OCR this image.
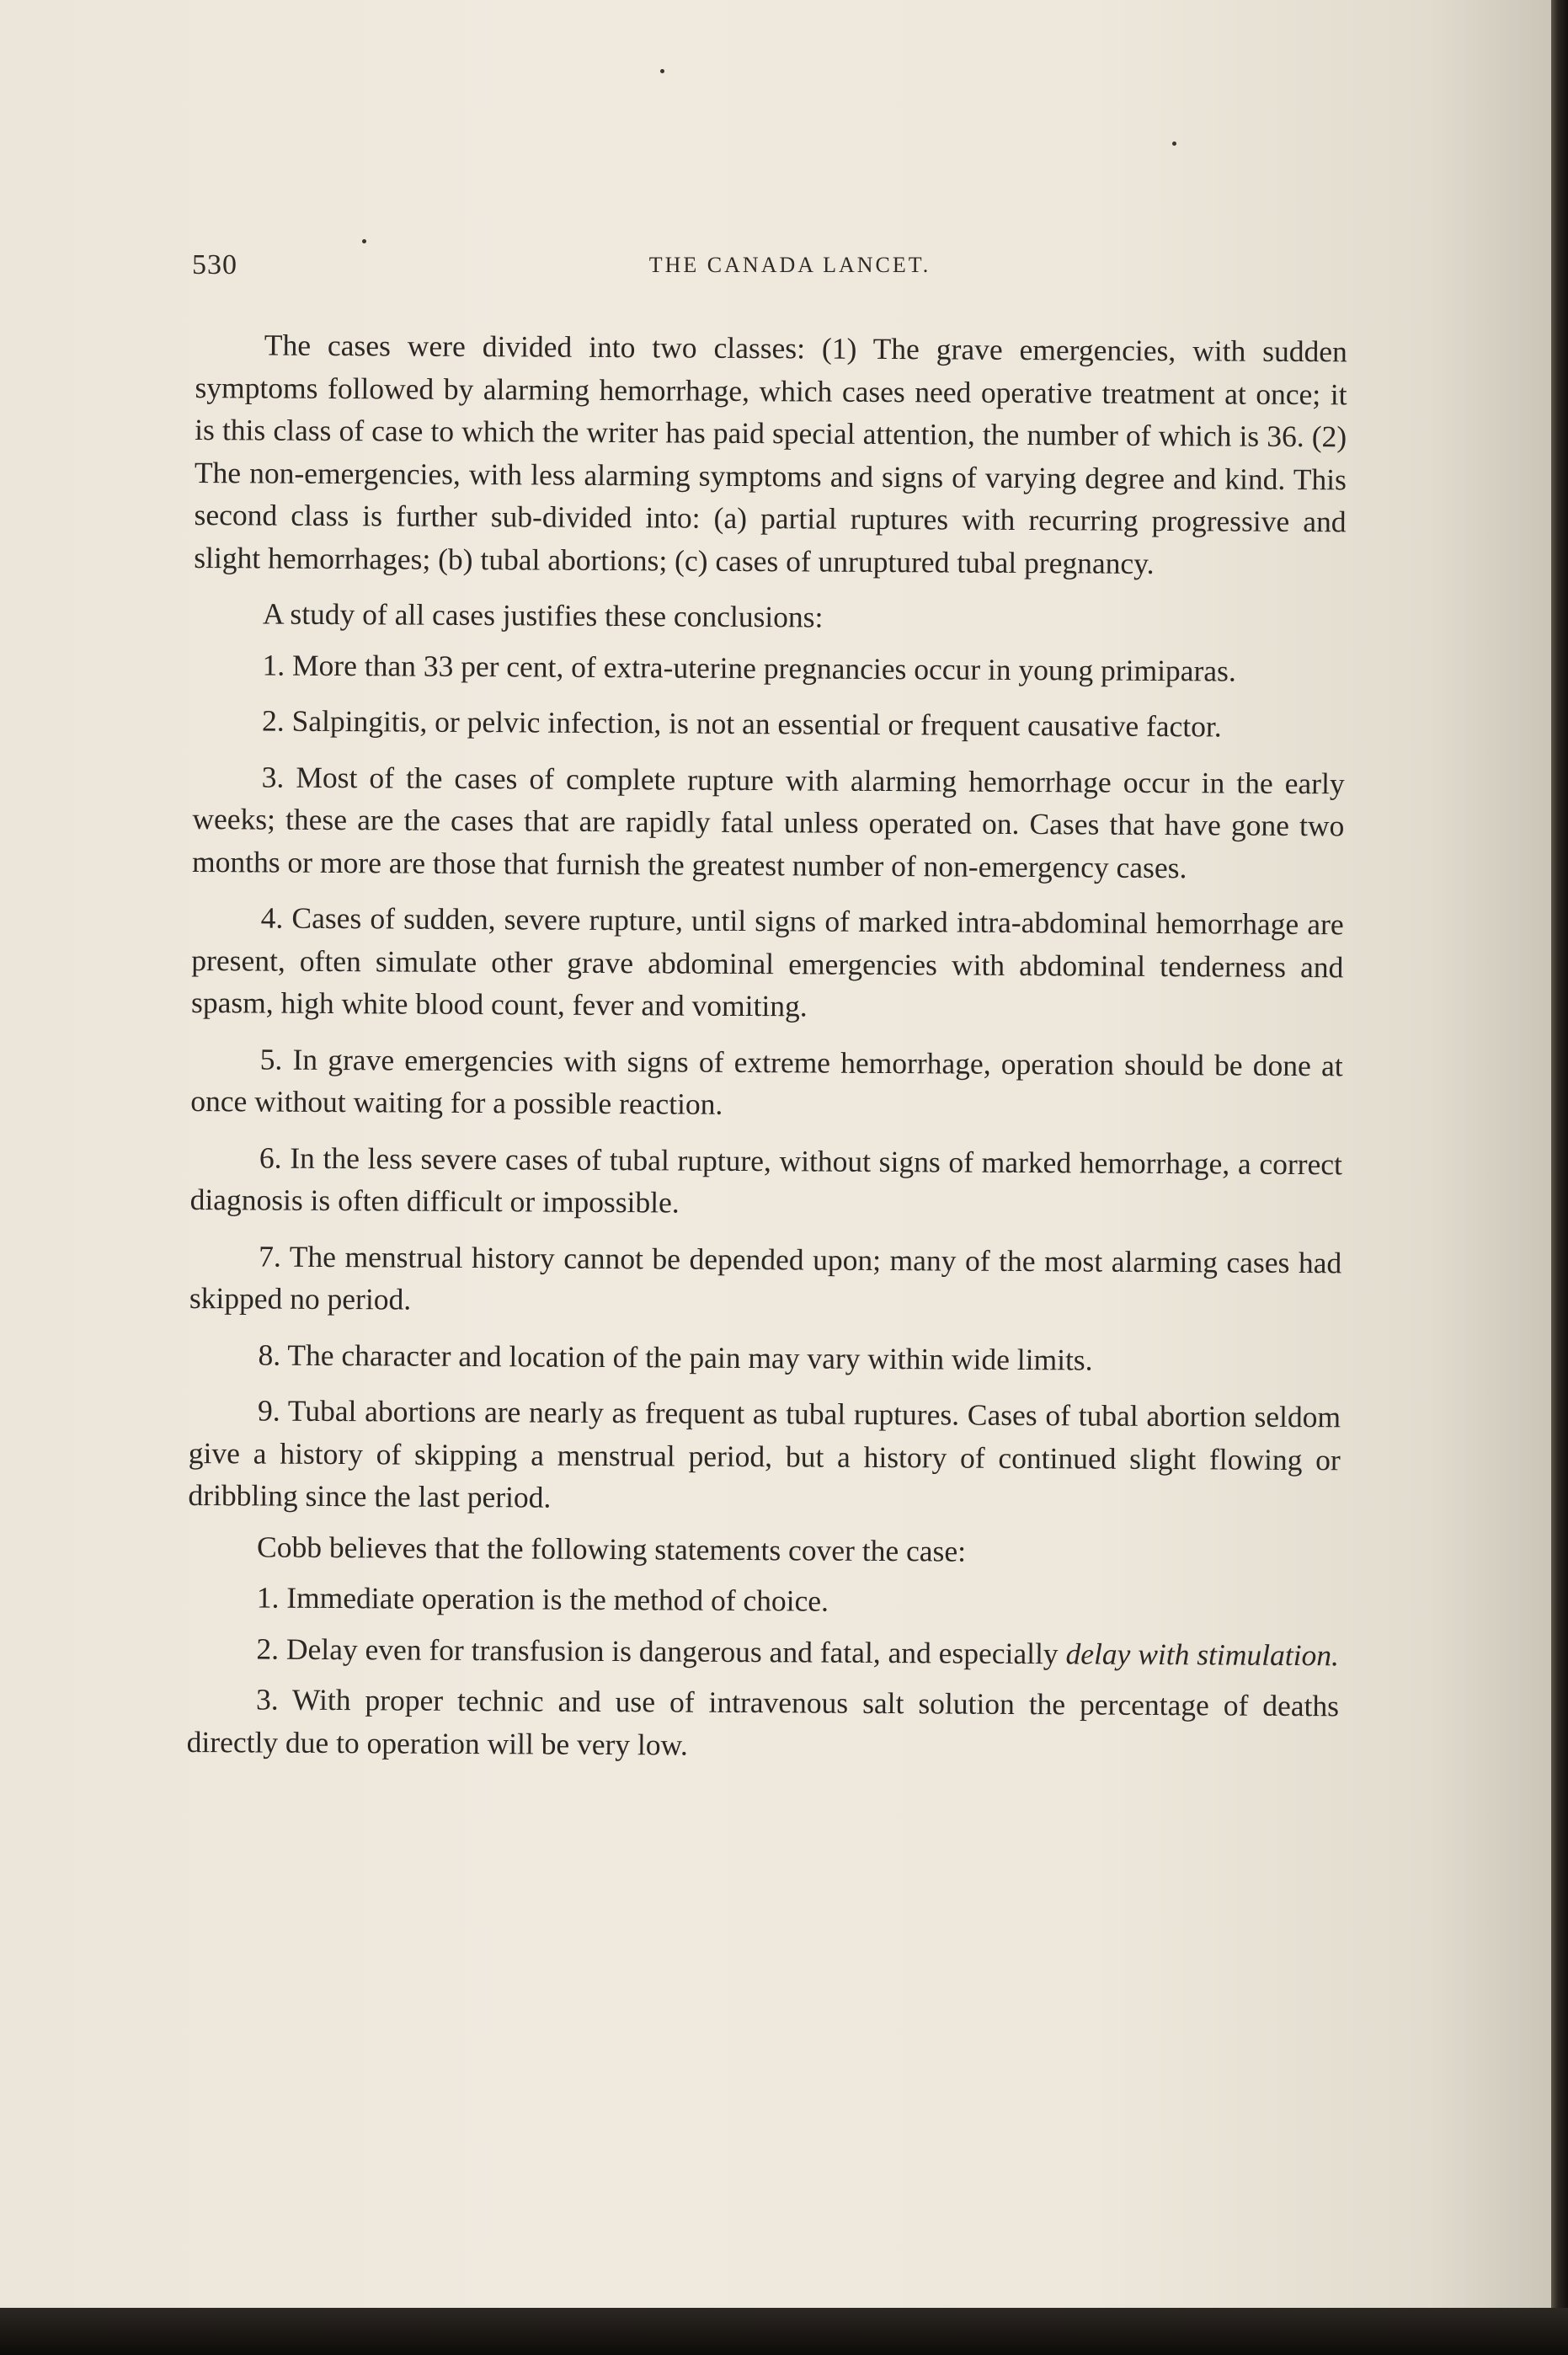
530	THE CANADA LANCET.

The cases were divided into two classes: (1) The grave emergencies, with sudden symptoms followed by alarming hemorrhage, which cases need operative treatment at once; it is this class of case to which the writer has paid special attention, the number of which is 36. (2) The non-emergencies, with less alarming symptoms and signs of varying degree and kind. This second class is further sub-divided into: (a) partial ruptures with recurring progressive and slight hemorrhages; (b) tubal abortions; (c) cases of unruptured tubal pregnancy.

A study of all cases justifies these conclusions:

1. More than 33 per cent, of extra-uterine pregnancies occur in young primiparas.

2. Salpingitis, or pelvic infection, is not an essential or frequent causative factor.

3. Most of the cases of complete rupture with alarming hemorrhage occur in the early weeks; these are the cases that are rapidly fatal unless operated on. Cases that have gone two months or more are those that furnish the greatest number of non-emergency cases.

4. Cases of sudden, severe rupture, until signs of marked intra-abdominal hemorrhage are present, often simulate other grave abdominal emergencies with abdominal tenderness and spasm, high white blood count, fever and vomiting.

5. In grave emergencies with signs of extreme hemorrhage, operation should be done at once without waiting for a possible reaction.

6. In the less severe cases of tubal rupture, without signs of marked hemorrhage, a correct diagnosis is often difficult or impossible.

7. The menstrual history cannot be depended upon; many of the most alarming cases had skipped no period.

8. The character and location of the pain may vary within wide limits.

9. Tubal abortions are nearly as frequent as tubal ruptures. Cases of tubal abortion seldom give a history of skipping a menstrual period, but a history of continued slight flowing or dribbling since the last period.

Cobb believes that the following statements cover the case:

1. Immediate operation is the method of choice.

2. Delay even for transfusion is dangerous and fatal, and especially delay with stimulation.

3. With proper technic and use of intravenous salt solution the percentage of deaths directly due to operation will be very low.
